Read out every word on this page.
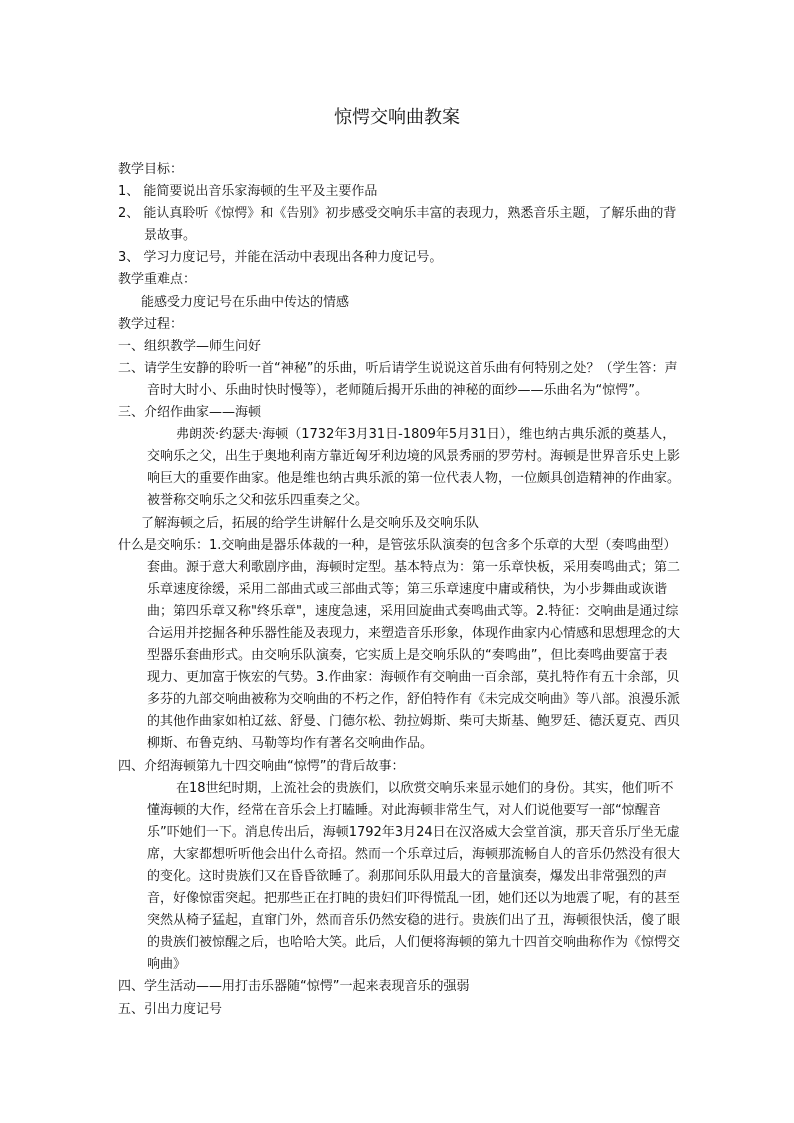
惊愕交响曲教案

教学目标：

1、 能简要说出音乐家海顿的生平及主要作品

2、 能认真聆听《惊愕》和《告别》初步感受交响乐丰富的表现力，熟悉音乐主题，了解乐曲的背景故事。

3、 学习力度记号，并能在活动中表现出各种力度记号。

教学重难点：

能感受力度记号在乐曲中传达的情感

教学过程：

一、组织教学—师生问好

二、请学生安静的聆听一首“神秘”的乐曲，听后请学生说说这首乐曲有何特别之处？（学生答：声音时大时小、乐曲时快时慢等），老师随后揭开乐曲的神秘的面纱——乐曲名为“惊愕”。

三、介绍作曲家——海顿

弗朗茨·约瑟夫·海顿（1732年3月31日-1809年5月31日），维也纳古典乐派的奠基人，交响乐之父，出生于奥地利南方靠近匈牙利边境的风景秀丽的罗劳村。海顿是世界音乐史上影响巨大的重要作曲家。他是维也纳古典乐派的第一位代表人物，一位颇具创造精神的作曲家。被誉称交响乐之父和弦乐四重奏之父。

了解海顿之后，拓展的给学生讲解什么是交响乐及交响乐队

什么是交响乐：1.交响曲是器乐体裁的一种，是管弦乐队演奏的包含多个乐章的大型（奏鸣曲型）套曲。源于意大利歌剧序曲，海顿时定型。基本特点为：第一乐章快板，采用奏鸣曲式；第二乐章速度徐缓，采用二部曲式或三部曲式等；第三乐章速度中庸或稍快，为小步舞曲或诙谐曲；第四乐章又称"终乐章"，速度急速，采用回旋曲式奏鸣曲式等。2.特征：交响曲是通过综合运用并挖掘各种乐器性能及表现力，来塑造音乐形象，体现作曲家内心情感和思想理念的大型器乐套曲形式。由交响乐队演奏，它实质上是交响乐队的“奏鸣曲”，但比奏鸣曲要富于表现力、更加富于恢宏的气势。3.作曲家：海顿作有交响曲一百余部，莫扎特作有五十余部，贝多芬的九部交响曲被称为交响曲的不朽之作，舒伯特作有《未完成交响曲》等八部。浪漫乐派的其他作曲家如柏辽兹、舒曼、门德尔松、勃拉姆斯、柴可夫斯基、鲍罗廷、德沃夏克、西贝柳斯、布鲁克纳、马勒等均作有著名交响曲作品。

四、介绍海顿第九十四交响曲“惊愕”的背后故事：

在18世纪时期，上流社会的贵族们，以欣赏交响乐来显示她们的身份。其实，他们听不懂海顿的大作，经常在音乐会上打瞌睡。对此海顿非常生气，对人们说他要写一部“惊醒音乐”吓她们一下。消息传出后，海顿1792年3月24日在汉洛威大会堂首演，那天音乐厅坐无虚席，大家都想听听他会出什么奇招。然而一个乐章过后，海顿那流畅自人的音乐仍然没有很大的变化。这时贵族们又在昏昏欲睡了。刹那间乐队用最大的音量演奏，爆发出非常强烈的声音，好像惊雷突起。把那些正在打盹的贵妇们吓得慌乱一团，她们还以为地震了呢，有的甚至突然从椅子猛起，直窜门外，然而音乐仍然安稳的进行。贵族们出了丑，海顿很快活，傻了眼的贵族们被惊醒之后，也哈哈大笑。此后，人们便将海顿的第九十四首交响曲称作为《惊愕交响曲》

四、学生活动——用打击乐器随“惊愕”一起来表现音乐的强弱

五、引出力度记号
